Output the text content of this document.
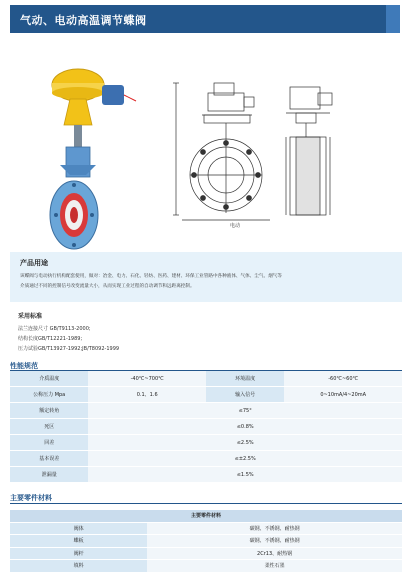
气动、电动高温调节蝶阀
电动
产品用途
该蝶阀与电动执行机构配套使用，做对：冶金、电力、石化、轻纺、医药、建材、环保工业管路中各种液体、气体、尘气、烟气等
介质通过不同的控制信号改变流量大小，从而实现工业过程的自动调节和远距离控制。
采用标准
法兰连接尺寸 GB/T9113-2000;
结构长度GB/T12221-1989;
压力试验GB/T13927-1992;JB/T8092-1999
性能规范
介质温度	-40℃~700℃	环境温度	-60℃~60℃
公称压力 Mpa	0.1、1.6	输入信号	0~10mA/4~20mA
额定转角	≤75°		
死区	≤0.8%		
回差	≤2.5%		
基本误差	≤±2.5%		
泄漏量	≤1.5%		
主要零件材料
主要零件材料	
阀体	碳钢、不锈钢、耐热钢
蝶板	碳钢、不锈钢、耐热钢
阀杆	2Cr13、耐热钢
填料	柔性石墨
